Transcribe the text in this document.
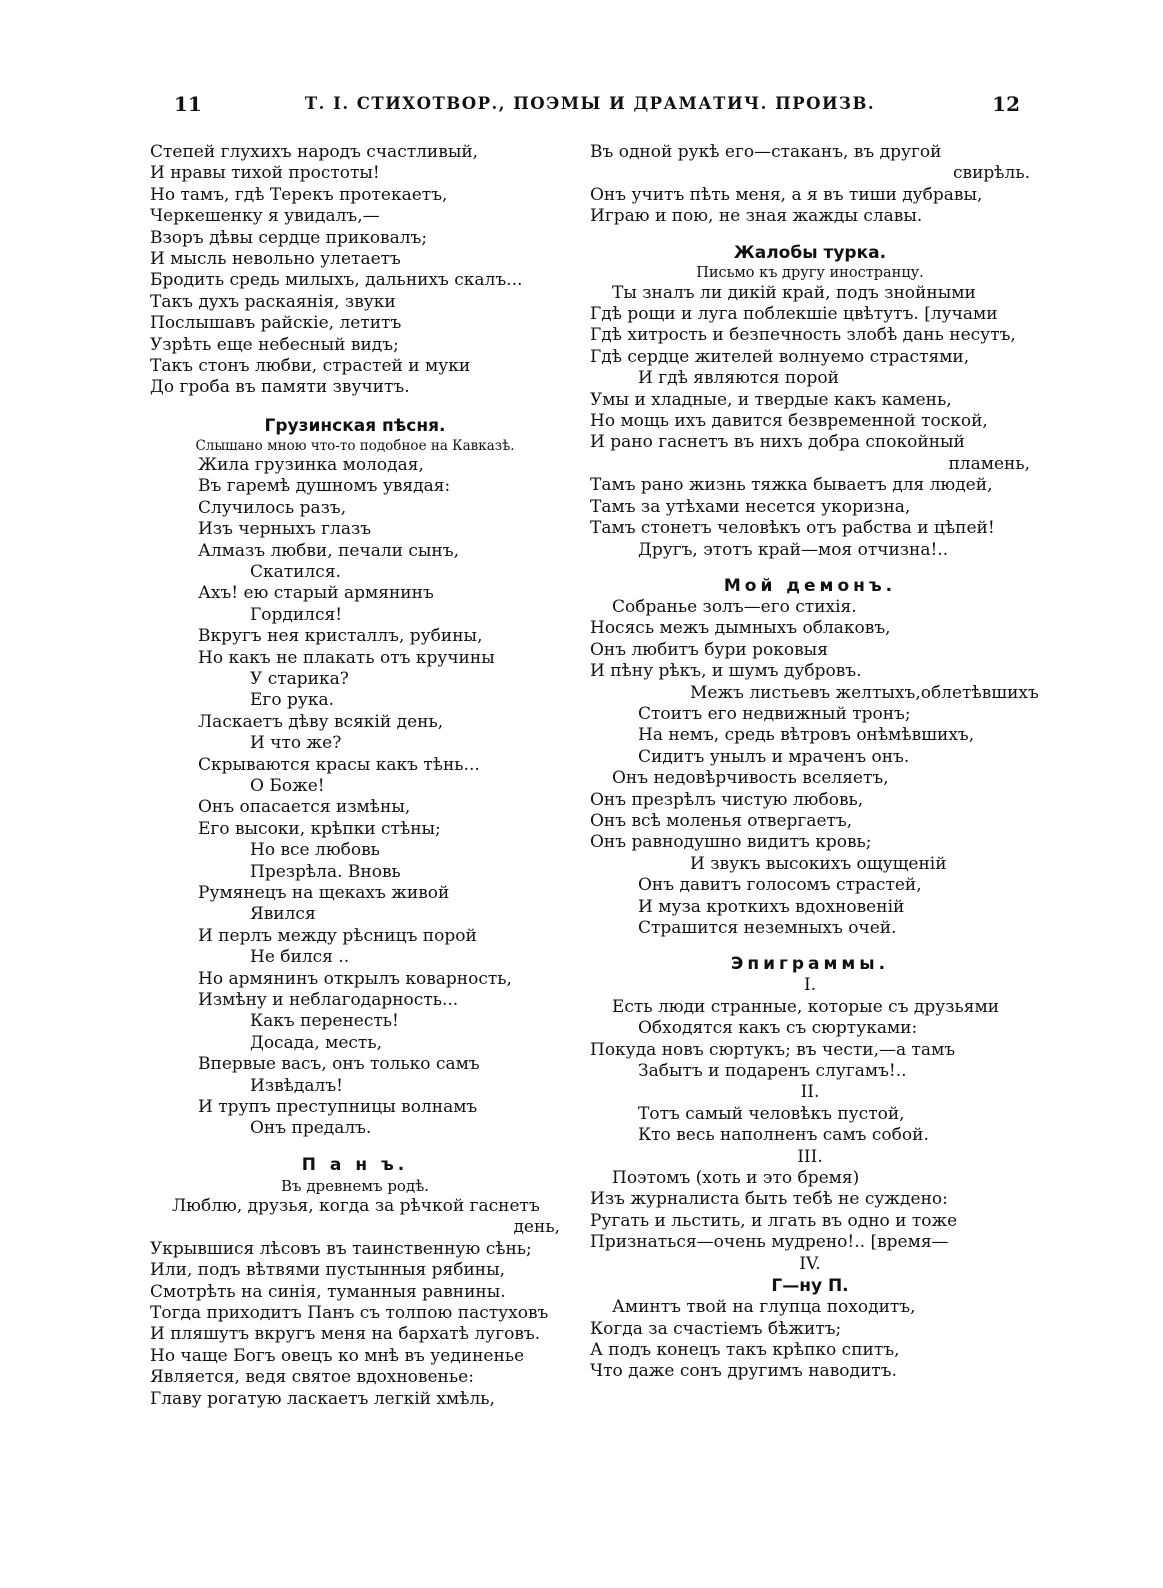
11	Т. I. СТИХОТВОР., ПОЭМЫ И ДРАМАТИЧ. ПРОИЗВ.	12
Степей глухихъ народъ счастливый,
И нравы тихой простоты!
Но тамъ, гдѣ Терекъ протекаетъ,
Черкешенку я увидалъ,—
Взоръ дѣвы сердце приковалъ;
И мысль невольно улетаетъ
Бродить средь милыхъ, дальнихъ скалъ...
Такъ духъ раскаянія, звуки
Послышавъ райскіе, летитъ
Узрѣть еще небесный видъ;
Такъ стонъ любви, страстей и муки
До гроба въ памяти звучитъ.
Грузинская пѣсня.
Слышано мною что-то подобное на Кавказѣ.
Жила грузинка молодая,
Въ гаремѣ душномъ увядая:
Случилось разъ,
Изъ черныхъ глазъ
Алмазъ любви, печали сынъ,
Скатился.
Ахъ! ею старый армянинъ
Гордился!
Вкругъ нея кристаллъ, рубины,
Но какъ не плакать отъ кручины
У старика?
Его рука.
Ласкаетъ дѣву всякій день,
И что же?
Скрываются красы какъ тѣнь...
О Боже!
Онъ опасается измѣны,
Его высоки, крѣпки стѣны;
Но все любовь
Презрѣла. Вновь
Румянецъ на щекахъ живой
Явился
И перлъ между рѣсницъ порой
Не бился ..
Но армянинъ открылъ коварность,
Измѣну и неблагодарность...
Какъ перенесть!
Досада, месть,
Впервые васъ, онъ только самъ
Извѣдалъ!
И трупъ преступницы волнамъ
Онъ предалъ.
П а н ъ.
Въ древнемъ родѣ.
Люблю, друзья, когда за рѣчкой гаснетъ
день,
Укрывшися лѣсовъ въ таинственную сѣнь;
Или, подъ вѣтвями пустынныя рябины,
Смотрѣть на синія, туманныя равнины.
Тогда приходитъ Панъ съ толпою пастуховъ
И пляшутъ вкругъ меня на бархатѣ луговъ.
Но чаще Богъ овецъ ко мнѣ въ уединенье
Является, ведя святое вдохновенье:
Главу рогатую ласкаетъ легкій хмѣль,
Въ одной рукѣ его—стаканъ, въ другой
свирѣль.
Онъ учитъ пѣть меня, а я въ тиши дубравы,
Играю и пою, не зная жажды славы.
Жалобы турка.
Письмо къ другу иностранцу.
Ты зналъ ли дикій край, подъ знойными
Гдѣ рощи и луга поблекшіе цвѣтутъ. [лучами
Гдѣ хитрость и безпечность злобѣ дань несутъ,
Гдѣ сердце жителей волнуемо страстями,
И гдѣ являются порой
Умы и хладные, и твердые какъ камень,
Но мощь ихъ давится безвременной тоской,
И рано гаснетъ въ нихъ добра спокойный
пламень,
Тамъ рано жизнь тяжка бываетъ для людей,
Тамъ за утѣхами несется укоризна,
Тамъ стонетъ человѣкъ отъ рабства и цѣпей!
Другъ, этотъ край—моя отчизна!..
Мой демонъ.
Собранье золъ—его стихія.
Носясь межъ дымныхъ облаковъ,
Онъ любитъ бури роковыя
И пѣну рѣкъ, и шумъ дубровъ.
Межъ листьевъ желтыхъ,облетѣвшихъ
Стоитъ его недвижный тронъ;
На немъ, средь вѣтровъ онѣмѣвшихъ,
Сидитъ унылъ и мраченъ онъ.
Онъ недовѣрчивость вселяетъ,
Онъ презрѣлъ чистую любовь,
Онъ всѣ моленья отвергаетъ,
Онъ равнодушно видитъ кровь;
И звукъ высокихъ ощущеній
Онъ давитъ голосомъ страстей,
И муза кроткихъ вдохновеній
Страшится неземныхъ очей.
Эпиграммы.
I.
Есть люди странные, которые съ друзьями
Обходятся какъ съ сюртуками:
Покуда новъ сюртукъ; въ чести,—а тамъ
Забытъ и подаренъ слугамъ!..
II.
Тотъ самый человѣкъ пустой,
Кто весь наполненъ самъ собой.
III.
Поэтомъ (хоть и это бремя)
Изъ журналиста быть тебѣ не суждено:
Ругать и льстить, и лгать въ одно и тоже
Признаться—очень мудрено!.. [время—
IV.
Г—ну П.
Аминтъ твой на глупца походитъ,
Когда за счастіемъ бѣжитъ;
А подъ конецъ такъ крѣпко спитъ,
Что даже сонъ другимъ наводитъ.
